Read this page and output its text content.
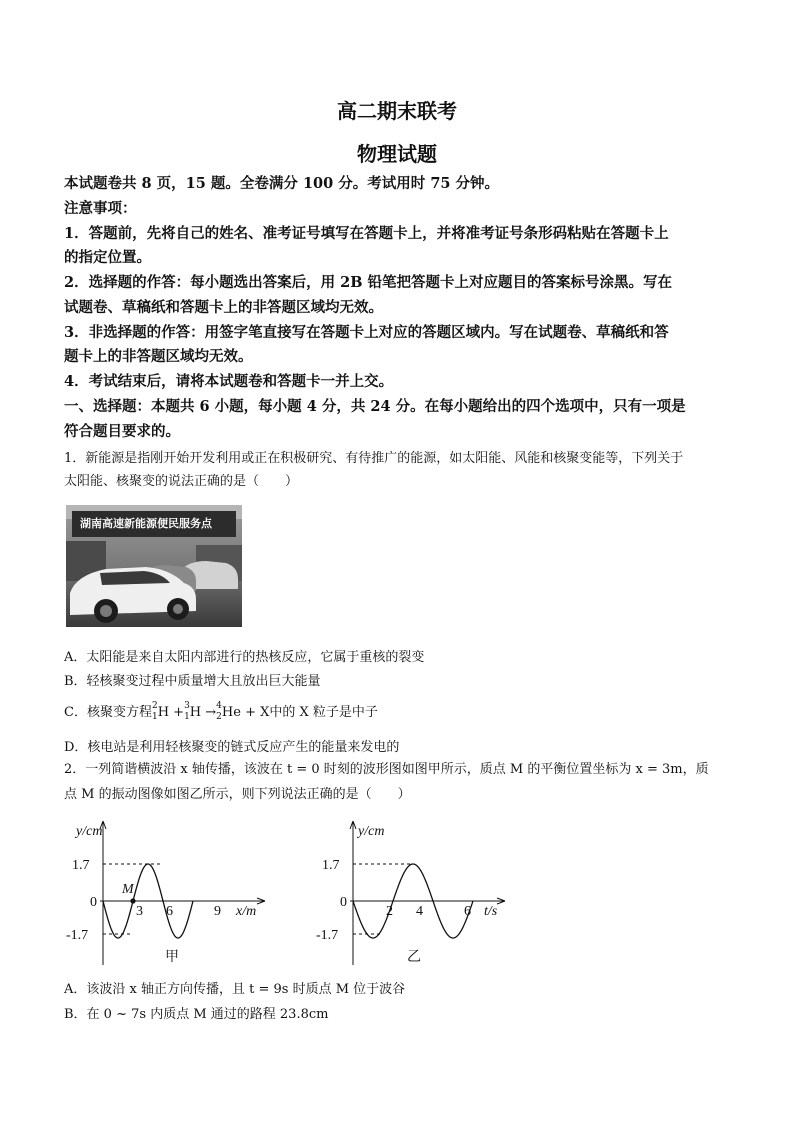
高二期末联考
物理试题
本试题卷共 8 页，15 题。全卷满分 100 分。考试用时 75 分钟。
注意事项：
1．答题前，先将自己的姓名、准考证号填写在答题卡上，并将准考证号条形码粘贴在答题卡上
的指定位置。
2．选择题的作答：每小题选出答案后，用 2B 铅笔把答题卡上对应题目的答案标号涂黑。写在
试题卷、草稿纸和答题卡上的非答题区域均无效。
3．非选择题的作答：用签字笔直接写在答题卡上对应的答题区域内。写在试题卷、草稿纸和答
题卡上的非答题区域均无效。
4．考试结束后，请将本试题卷和答题卡一并上交。
一、选择题：本题共 6 小题，每小题 4 分，共 24 分。在每小题给出的四个选项中，只有一项是
符合题目要求的。
1．新能源是指刚开始开发利用或正在积极研究、有待推广的能源，如太阳能、风能和核聚变能等，下列关于
太阳能、核聚变的说法正确的是（　　）
湖南高速新能源便民服务点
A．太阳能是来自太阳内部进行的热核反应，它属于重核的裂变
B．轻核聚变过程中质量增大且放出巨大能量
C．核聚变方程2
1H +3
1H →4
2He + X中的 X 粒子是中子
D．核电站是利用轻核聚变的链式反应产生的能量来发电的
2．一列简谐横波沿 x 轴传播，该波在 t = 0 时刻的波形图如图甲所示，质点 M 的平衡位置坐标为 x = 3m，质
点 M 的振动图像如图乙所示，则下列说法正确的是（　　）
y/cm
1.7
0
-1.7
M
3 6	9 x/m
甲
y/cm
1.7
0
-1.7
2 4	6 t/s
乙
A．该波沿 x 轴正方向传播，且 t = 9s 时质点 M 位于波谷
B．在 0 ~ 7s 内质点 M 通过的路程 23.8cm
